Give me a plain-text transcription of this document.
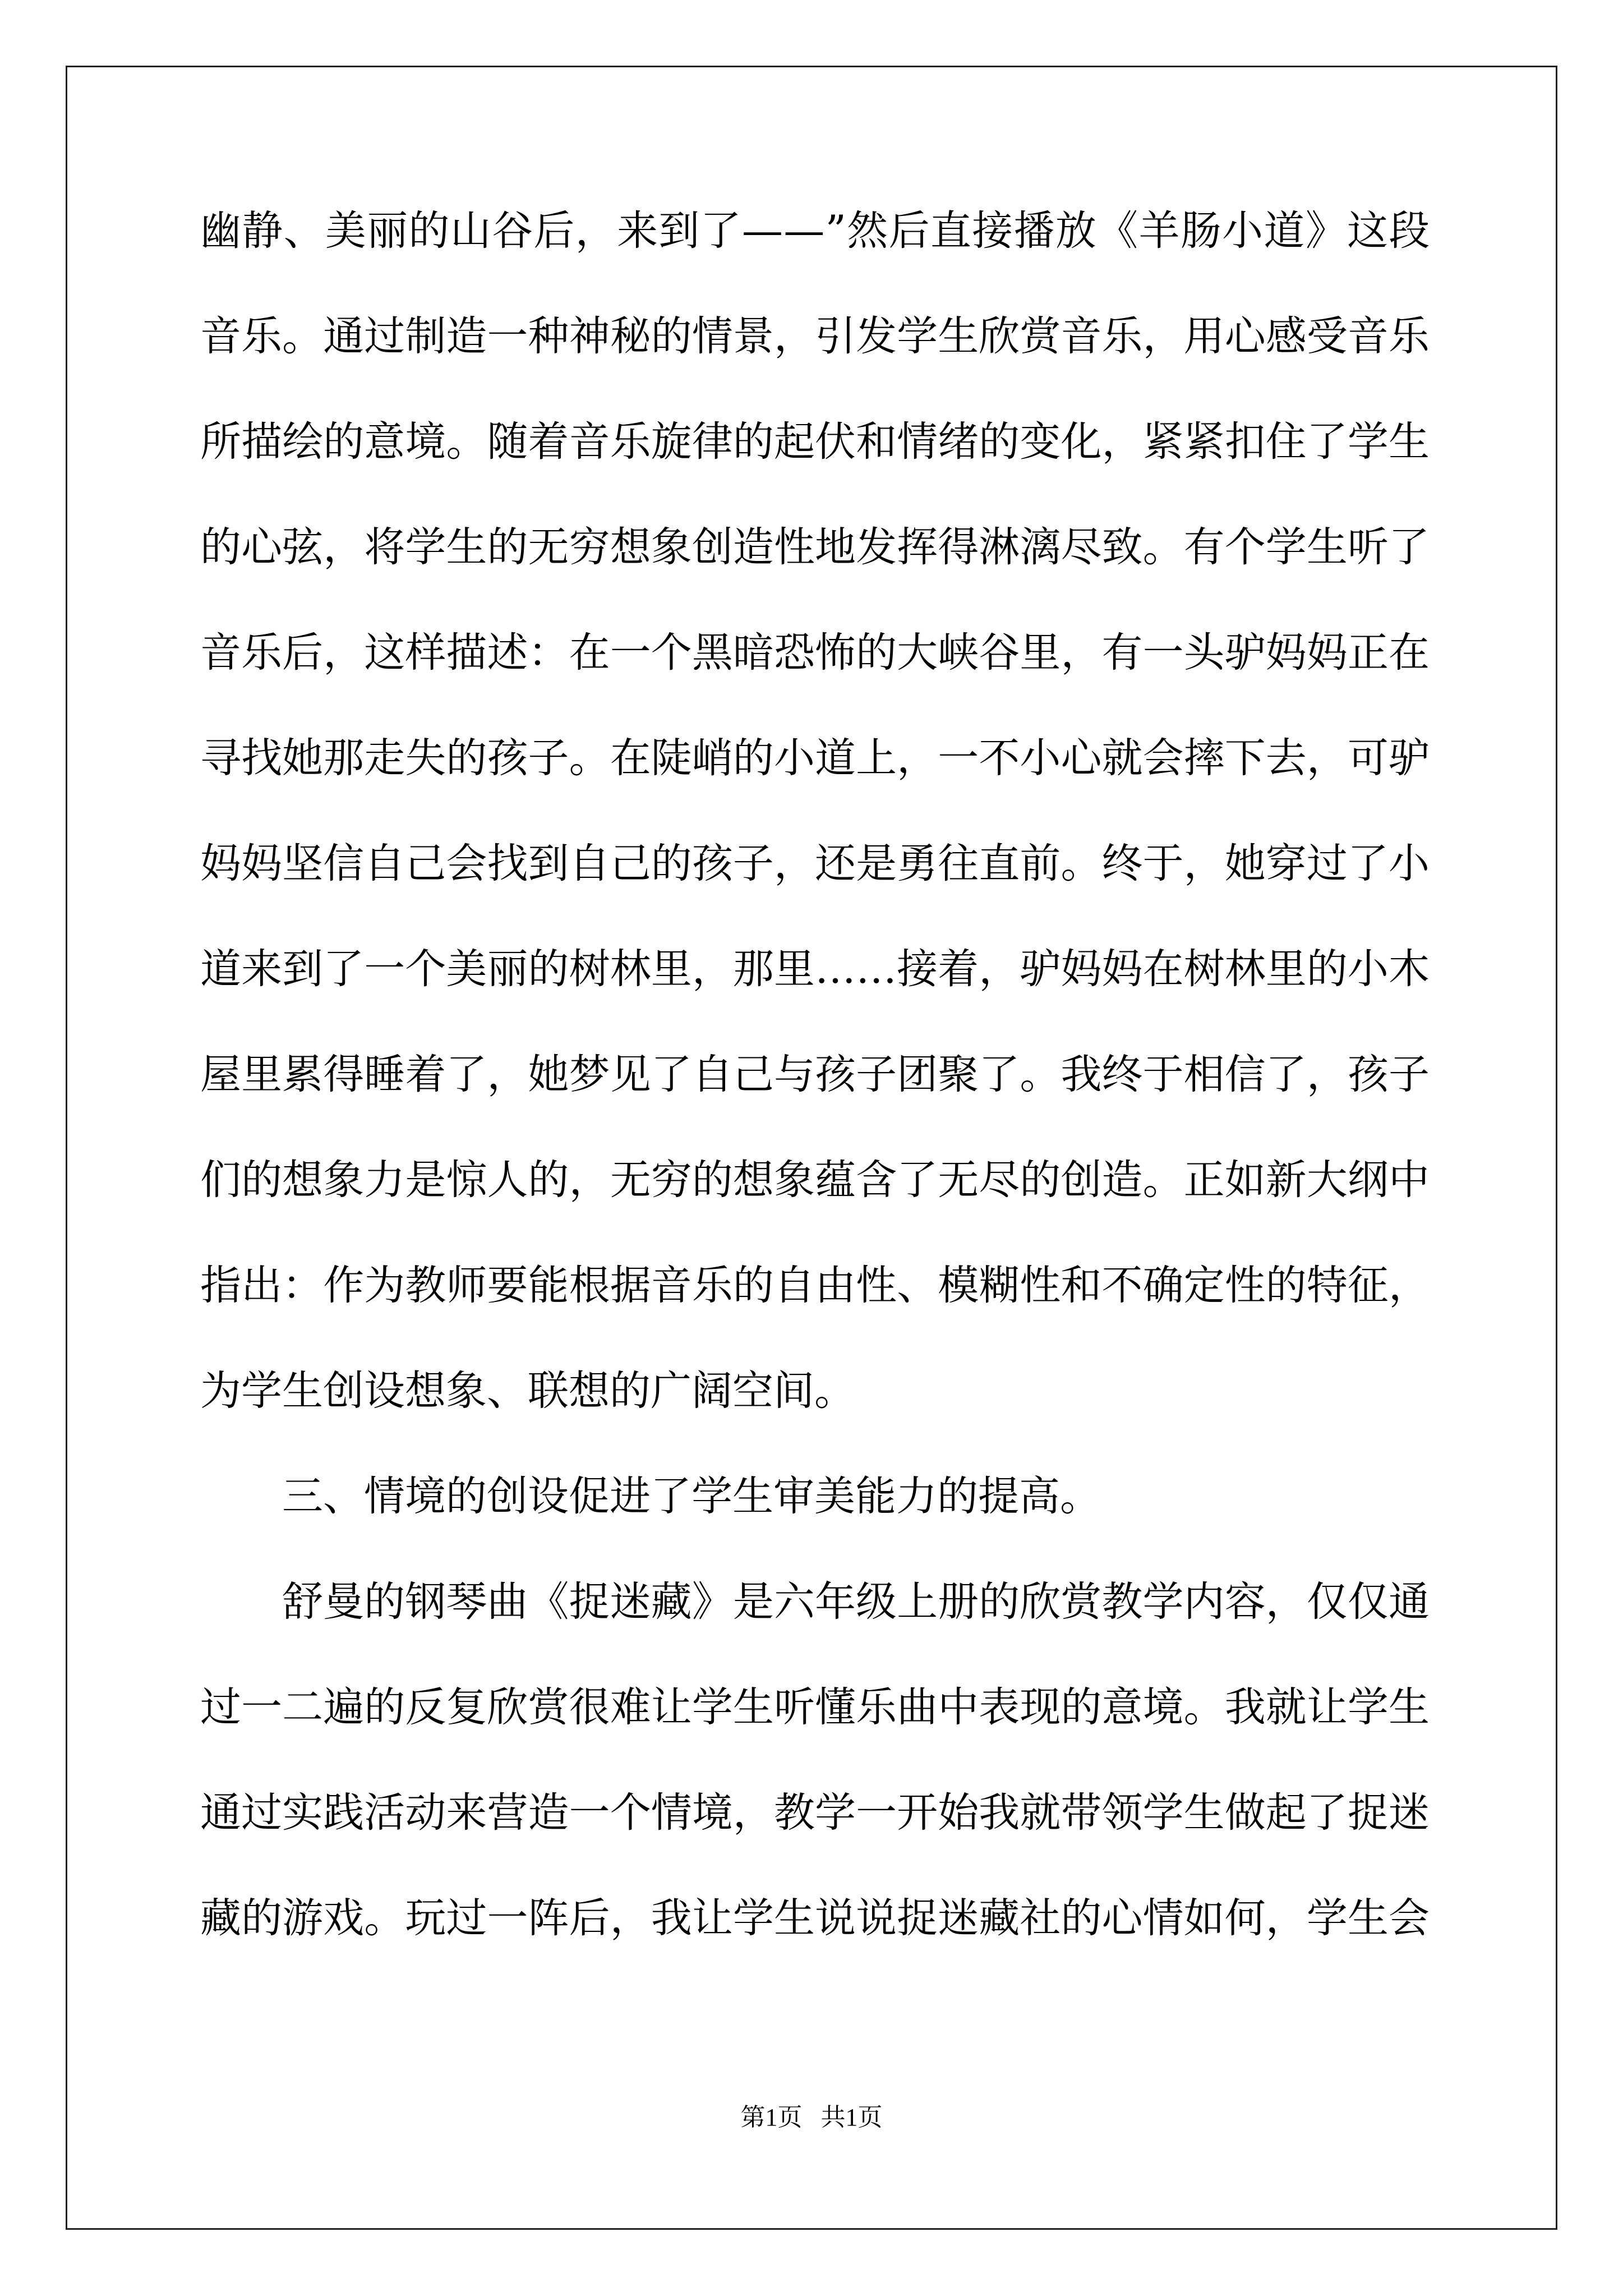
幽静、美丽的山谷后，来到了——”然后直接播放《羊肠小道》这段
音乐。通过制造一种神秘的情景，引发学生欣赏音乐，用心感受音乐
所描绘的意境。随着音乐旋律的起伏和情绪的变化，紧紧扣住了学生
的心弦，将学生的无穷想象创造性地发挥得淋漓尽致。有个学生听了
音乐后，这样描述：在一个黑暗恐怖的大峡谷里，有一头驴妈妈正在
寻找她那走失的孩子。在陡峭的小道上，一不小心就会摔下去，可驴
妈妈坚信自己会找到自己的孩子，还是勇往直前。终于，她穿过了小
道来到了一个美丽的树林里，那里……接着，驴妈妈在树林里的小木
屋里累得睡着了，她梦见了自己与孩子团聚了。我终于相信了，孩子
们的想象力是惊人的，无穷的想象蕴含了无尽的创造。正如新大纲中
指出：作为教师要能根据音乐的自由性、模糊性和不确定性的特征，
为学生创设想象、联想的广阔空间。
三、情境的创设促进了学生审美能力的提高。
舒曼的钢琴曲《捉迷藏》是六年级上册的欣赏教学内容，仅仅通
过一二遍的反复欣赏很难让学生听懂乐曲中表现的意境。我就让学生
通过实践活动来营造一个情境，教学一开始我就带领学生做起了捉迷
藏的游戏。玩过一阵后，我让学生说说捉迷藏社的心情如何，学生会
第1页   共1页
